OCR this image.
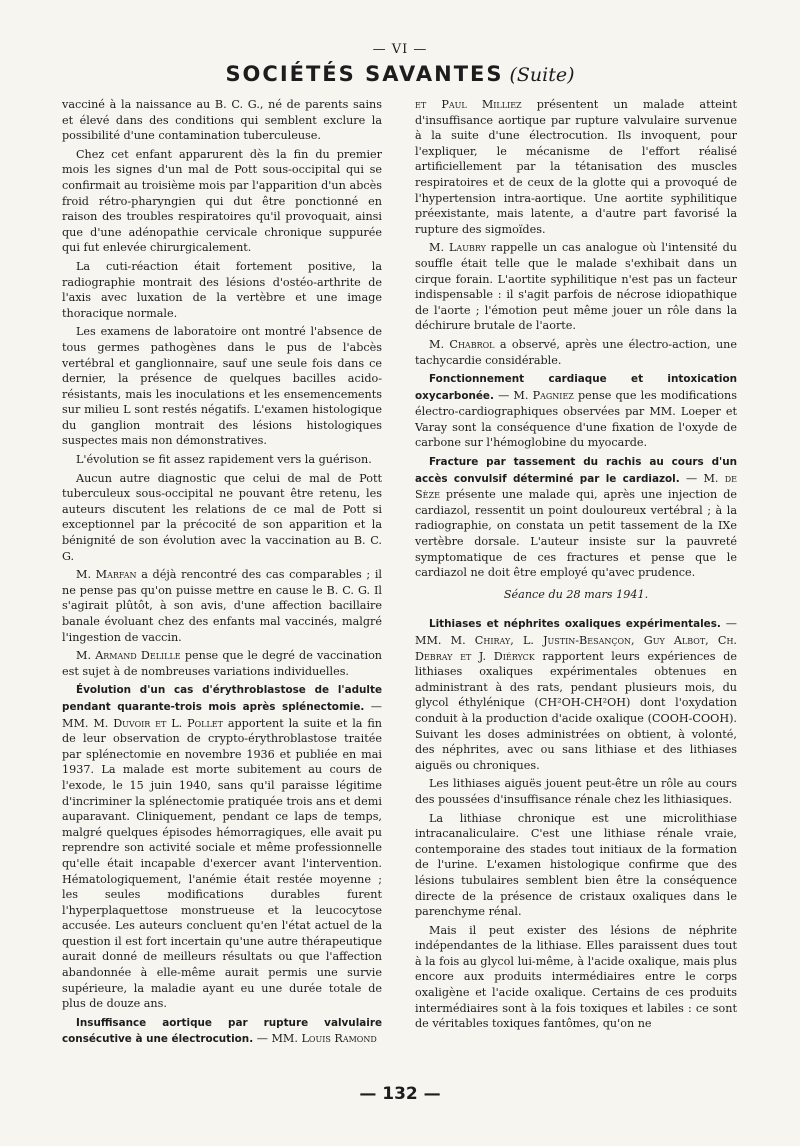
— VI —
SOCIÉTÉS SAVANTES (Suite)

vacciné à la naissance au B. C. G., né de parents sains et élevé dans des conditions qui semblent exclure la possibilité d'une contamination tuberculeuse.

Chez cet enfant apparurent dès la fin du premier mois les signes d'un mal de Pott sous-occipital qui se confirmait au troisième mois par l'apparition d'un abcès froid rétro-pharyngien qui dut être ponctionné en raison des troubles respiratoires qu'il provoquait, ainsi que d'une adénopathie cervicale chronique suppurée qui fut enlevée chirurgicalement.

La cuti-réaction était fortement positive, la radiographie montrait des lésions d'ostéo-arthrite de l'axis avec luxation de la vertèbre et une image thoracique normale.

Les examens de laboratoire ont montré l'absence de tous germes pathogènes dans le pus de l'abcès vertébral et ganglionnaire, sauf une seule fois dans ce dernier, la présence de quelques bacilles acido-résistants, mais les inoculations et les ensemencements sur milieu L sont restés négatifs. L'examen histologique du ganglion montrait des lésions histologiques suspectes mais non démonstratives.

L'évolution se fit assez rapidement vers la guérison.

Aucun autre diagnostic que celui de mal de Pott tuberculeux sous-occipital ne pouvant être retenu, les auteurs discutent les relations de ce mal de Pott si exceptionnel par la précocité de son apparition et la bénignité de son évolution avec la vaccination au B. C. G.

M. Marfan a déjà rencontré des cas comparables ; il ne pense pas qu'on puisse mettre en cause le B. C. G. Il s'agirait plûtôt, à son avis, d'une affection bacillaire banale évoluant chez des enfants mal vaccinés, malgré l'ingestion de vaccin.

M. Armand Delille pense que le degré de vaccination est sujet à de nombreuses variations individuelles.

Évolution d'un cas d'érythroblastose de l'adulte pendant quarante-trois mois après splénectomie. — MM. M. Duvoir et L. Pollet apportent la suite et la fin de leur observation de crypto-érythroblastose traitée par splénectomie en novembre 1936 et publiée en mai 1937. La malade est morte subitement au cours de l'exode, le 15 juin 1940, sans qu'il paraisse légitime d'incriminer la splénectomie pratiquée trois ans et demi auparavant. Cliniquement, pendant ce laps de temps, malgré quelques épisodes hémorragiques, elle avait pu reprendre son activité sociale et même professionnelle qu'elle était incapable d'exercer avant l'intervention. Hématologiquement, l'anémie était restée moyenne ; les seules modifications durables furent l'hyperplaquettose monstrueuse et la leucocytose accusée. Les auteurs concluent qu'en l'état actuel de la question il est fort incertain qu'une autre thérapeutique aurait donné de meilleurs résultats ou que l'affection abandonnée à elle-même aurait permis une survie supérieure, la maladie ayant eu une durée totale de plus de douze ans.

Insuffisance aortique par rupture valvulaire consécutive à une électrocution. — MM. Louis Ramond

et Paul Milliez présentent un malade atteint d'insuffisance aortique par rupture valvulaire survenue à la suite d'une électrocution. Ils invoquent, pour l'expliquer, le mécanisme de l'effort réalisé artificiellement par la tétanisation des muscles respiratoires et de ceux de la glotte qui a provoqué de l'hypertension intra-aortique. Une aortite syphilitique préexistante, mais latente, a d'autre part favorisé la rupture des sigmoïdes.

M. Laubry rappelle un cas analogue où l'intensité du souffle était telle que le malade s'exhibait dans un cirque forain. L'aortite syphilitique n'est pas un facteur indispensable : il s'agit parfois de nécrose idiopathique de l'aorte ; l'émotion peut même jouer un rôle dans la déchirure brutale de l'aorte.

M. Chabrol a observé, après une électro-action, une tachycardie considérable.

Fonctionnement cardiaque et intoxication oxycarbonée. — M. Pagniez pense que les modifications électro-cardiographiques observées par MM. Loeper et Varay sont la conséquence d'une fixation de l'oxyde de carbone sur l'hémoglobine du myocarde.

Fracture par tassement du rachis au cours d'un accès convulsif déterminé par le cardiazol. — M. de Sèze présente une malade qui, après une injection de cardiazol, ressentit un point douloureux vertébral ; à la radiographie, on constata un petit tassement de la IXe vertèbre dorsale. L'auteur insiste sur la pauvreté symptomatique de ces fractures et pense que le cardiazol ne doit être employé qu'avec prudence.

Séance du 28 mars 1941.

Lithiases et néphrites oxaliques expérimentales. — MM. M. Chiray, L. Justin-Besançon, Guy Albot, Ch. Debray et J. Diéryck rapportent leurs expériences de lithiases oxaliques expérimentales obtenues en administrant à des rats, pendant plusieurs mois, du glycol éthylénique (CH²OH-CH²OH) dont l'oxydation conduit à la production d'acide oxalique (COOH-COOH). Suivant les doses administrées on obtient, à volonté, des néphrites, avec ou sans lithiase et des lithiases aiguës ou chroniques.

Les lithiases aiguës jouent peut-être un rôle au cours des poussées d'insuffisance rénale chez les lithiasiques.

La lithiase chronique est une microlithiase intracanaliculaire. C'est une lithiase rénale vraie, contemporaine des stades tout initiaux de la formation de l'urine. L'examen histologique confirme que des lésions tubulaires semblent bien être la conséquence directe de la présence de cristaux oxaliques dans le parenchyme rénal.

Mais il peut exister des lésions de néphrite indépendantes de la lithiase. Elles paraissent dues tout à la fois au glycol lui-même, à l'acide oxalique, mais plus encore aux produits intermédiaires entre le corps oxaligène et l'acide oxalique. Certains de ces produits intermédiaires sont à la fois toxiques et labiles : ce sont de véritables toxiques fantômes, qu'on ne

— 132 —
